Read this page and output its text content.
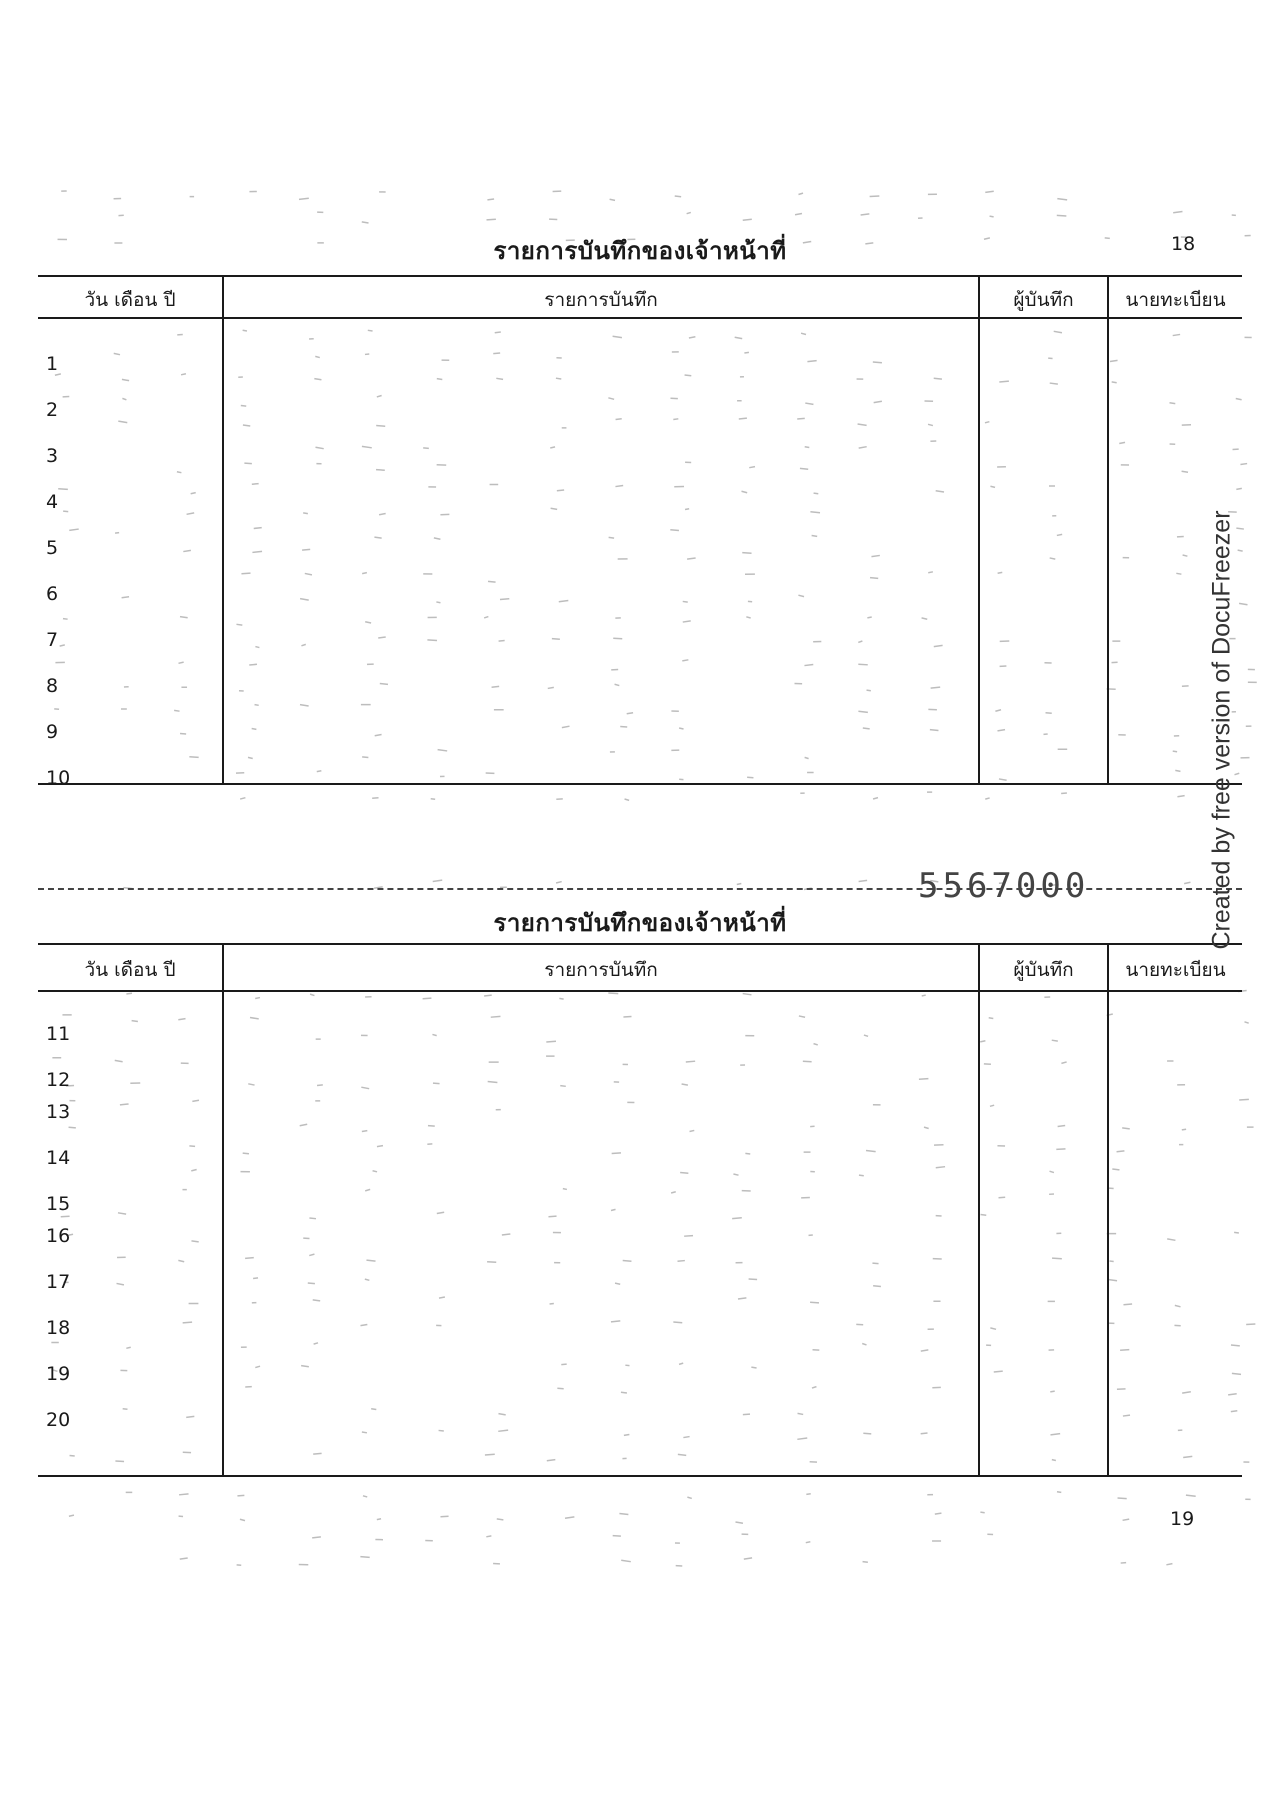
รายการบันทึกของเจ้าหน้าที่	18
วัน เดือน ปี	รายการบันทึก	ผู้บันทึก	นายทะเบียน
1
2
3
4
5
6
7
8
9
10
5567000
รายการบันทึกของเจ้าหน้าที่
วัน เดือน ปี	รายการบันทึก	ผู้บันทึก	นายทะเบียน
11
12
13
14
15
16
17
18
19
20
19
Created by free version of DocuFreezer
